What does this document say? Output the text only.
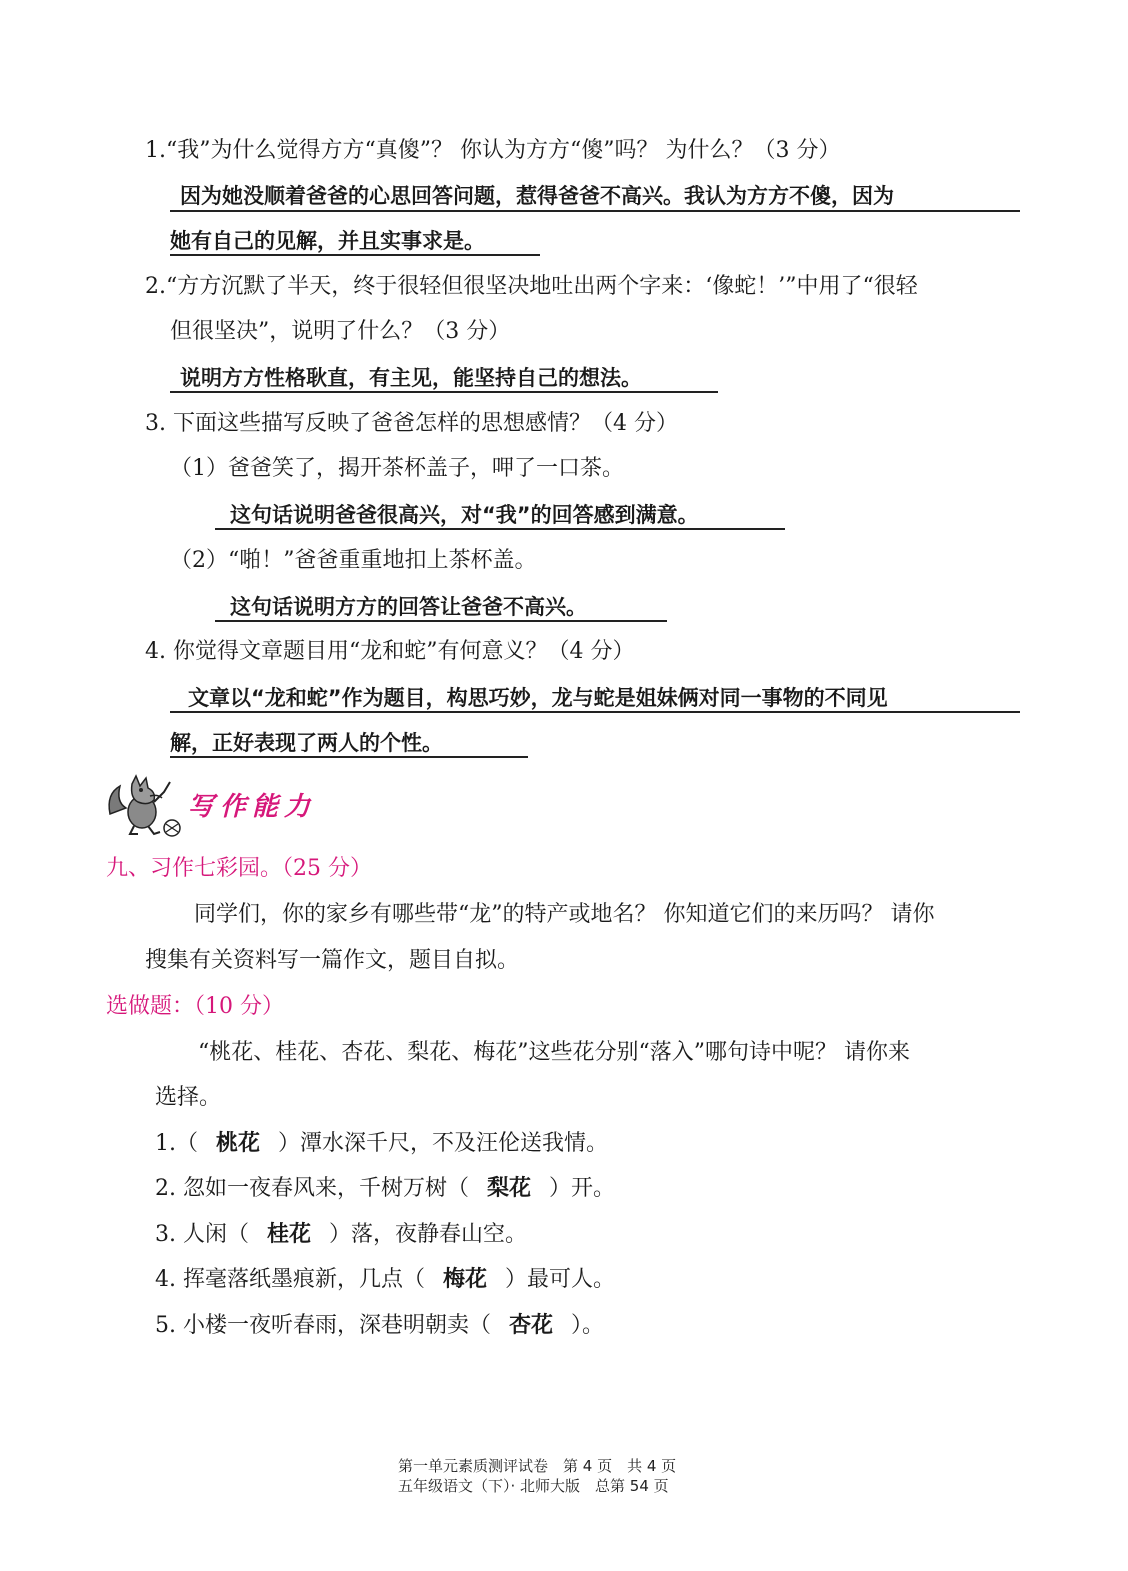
1.“我”为什么觉得方方“真傻”？ 你认为方方“傻”吗？ 为什么？（3 分）
因为她没顺着爸爸的心思回答问题，惹得爸爸不高兴。我认为方方不傻，因为
她有自己的见解，并且实事求是。
2.“方方沉默了半天，终于很轻但很坚决地吐出两个字来：‘像蛇！’”中用了“很轻
但很坚决”，说明了什么？（3 分）
说明方方性格耿直，有主见，能坚持自己的想法。
3. 下面这些描写反映了爸爸怎样的思想感情？（4 分）
（1）爸爸笑了，揭开茶杯盖子，呷了一口茶。
这句话说明爸爸很高兴，对“我”的回答感到满意。
（2）“啪！”爸爸重重地扣上茶杯盖。
这句话说明方方的回答让爸爸不高兴。
4. 你觉得文章题目用“龙和蛇”有何意义？（4 分）
文章以“龙和蛇”作为题目，构思巧妙，龙与蛇是姐妹俩对同一事物的不同见
解，正好表现了两人的个性。
写作能力
九、习作七彩园。（25 分）
同学们，你的家乡有哪些带“龙”的特产或地名？ 你知道它们的来历吗？ 请你
搜集有关资料写一篇作文，题目自拟。
选做题：（10 分）
“桃花、桂花、杏花、梨花、梅花”这些花分别“落入”哪句诗中呢？ 请你来
选择。
1.（ 桃花 ）潭水深千尺，不及汪伦送我情。
2. 忽如一夜春风来，千树万树（ 梨花 ）开。
3. 人闲（ 桂花 ）落，夜静春山空。
4. 挥毫落纸墨痕新，几点（ 梅花 ）最可人。
5. 小楼一夜听春雨，深巷明朝卖（ 杏花 ）。
第一单元素质测评试卷　第 4 页　共 4 页
五年级语文（下）· 北师大版　总第 54 页
